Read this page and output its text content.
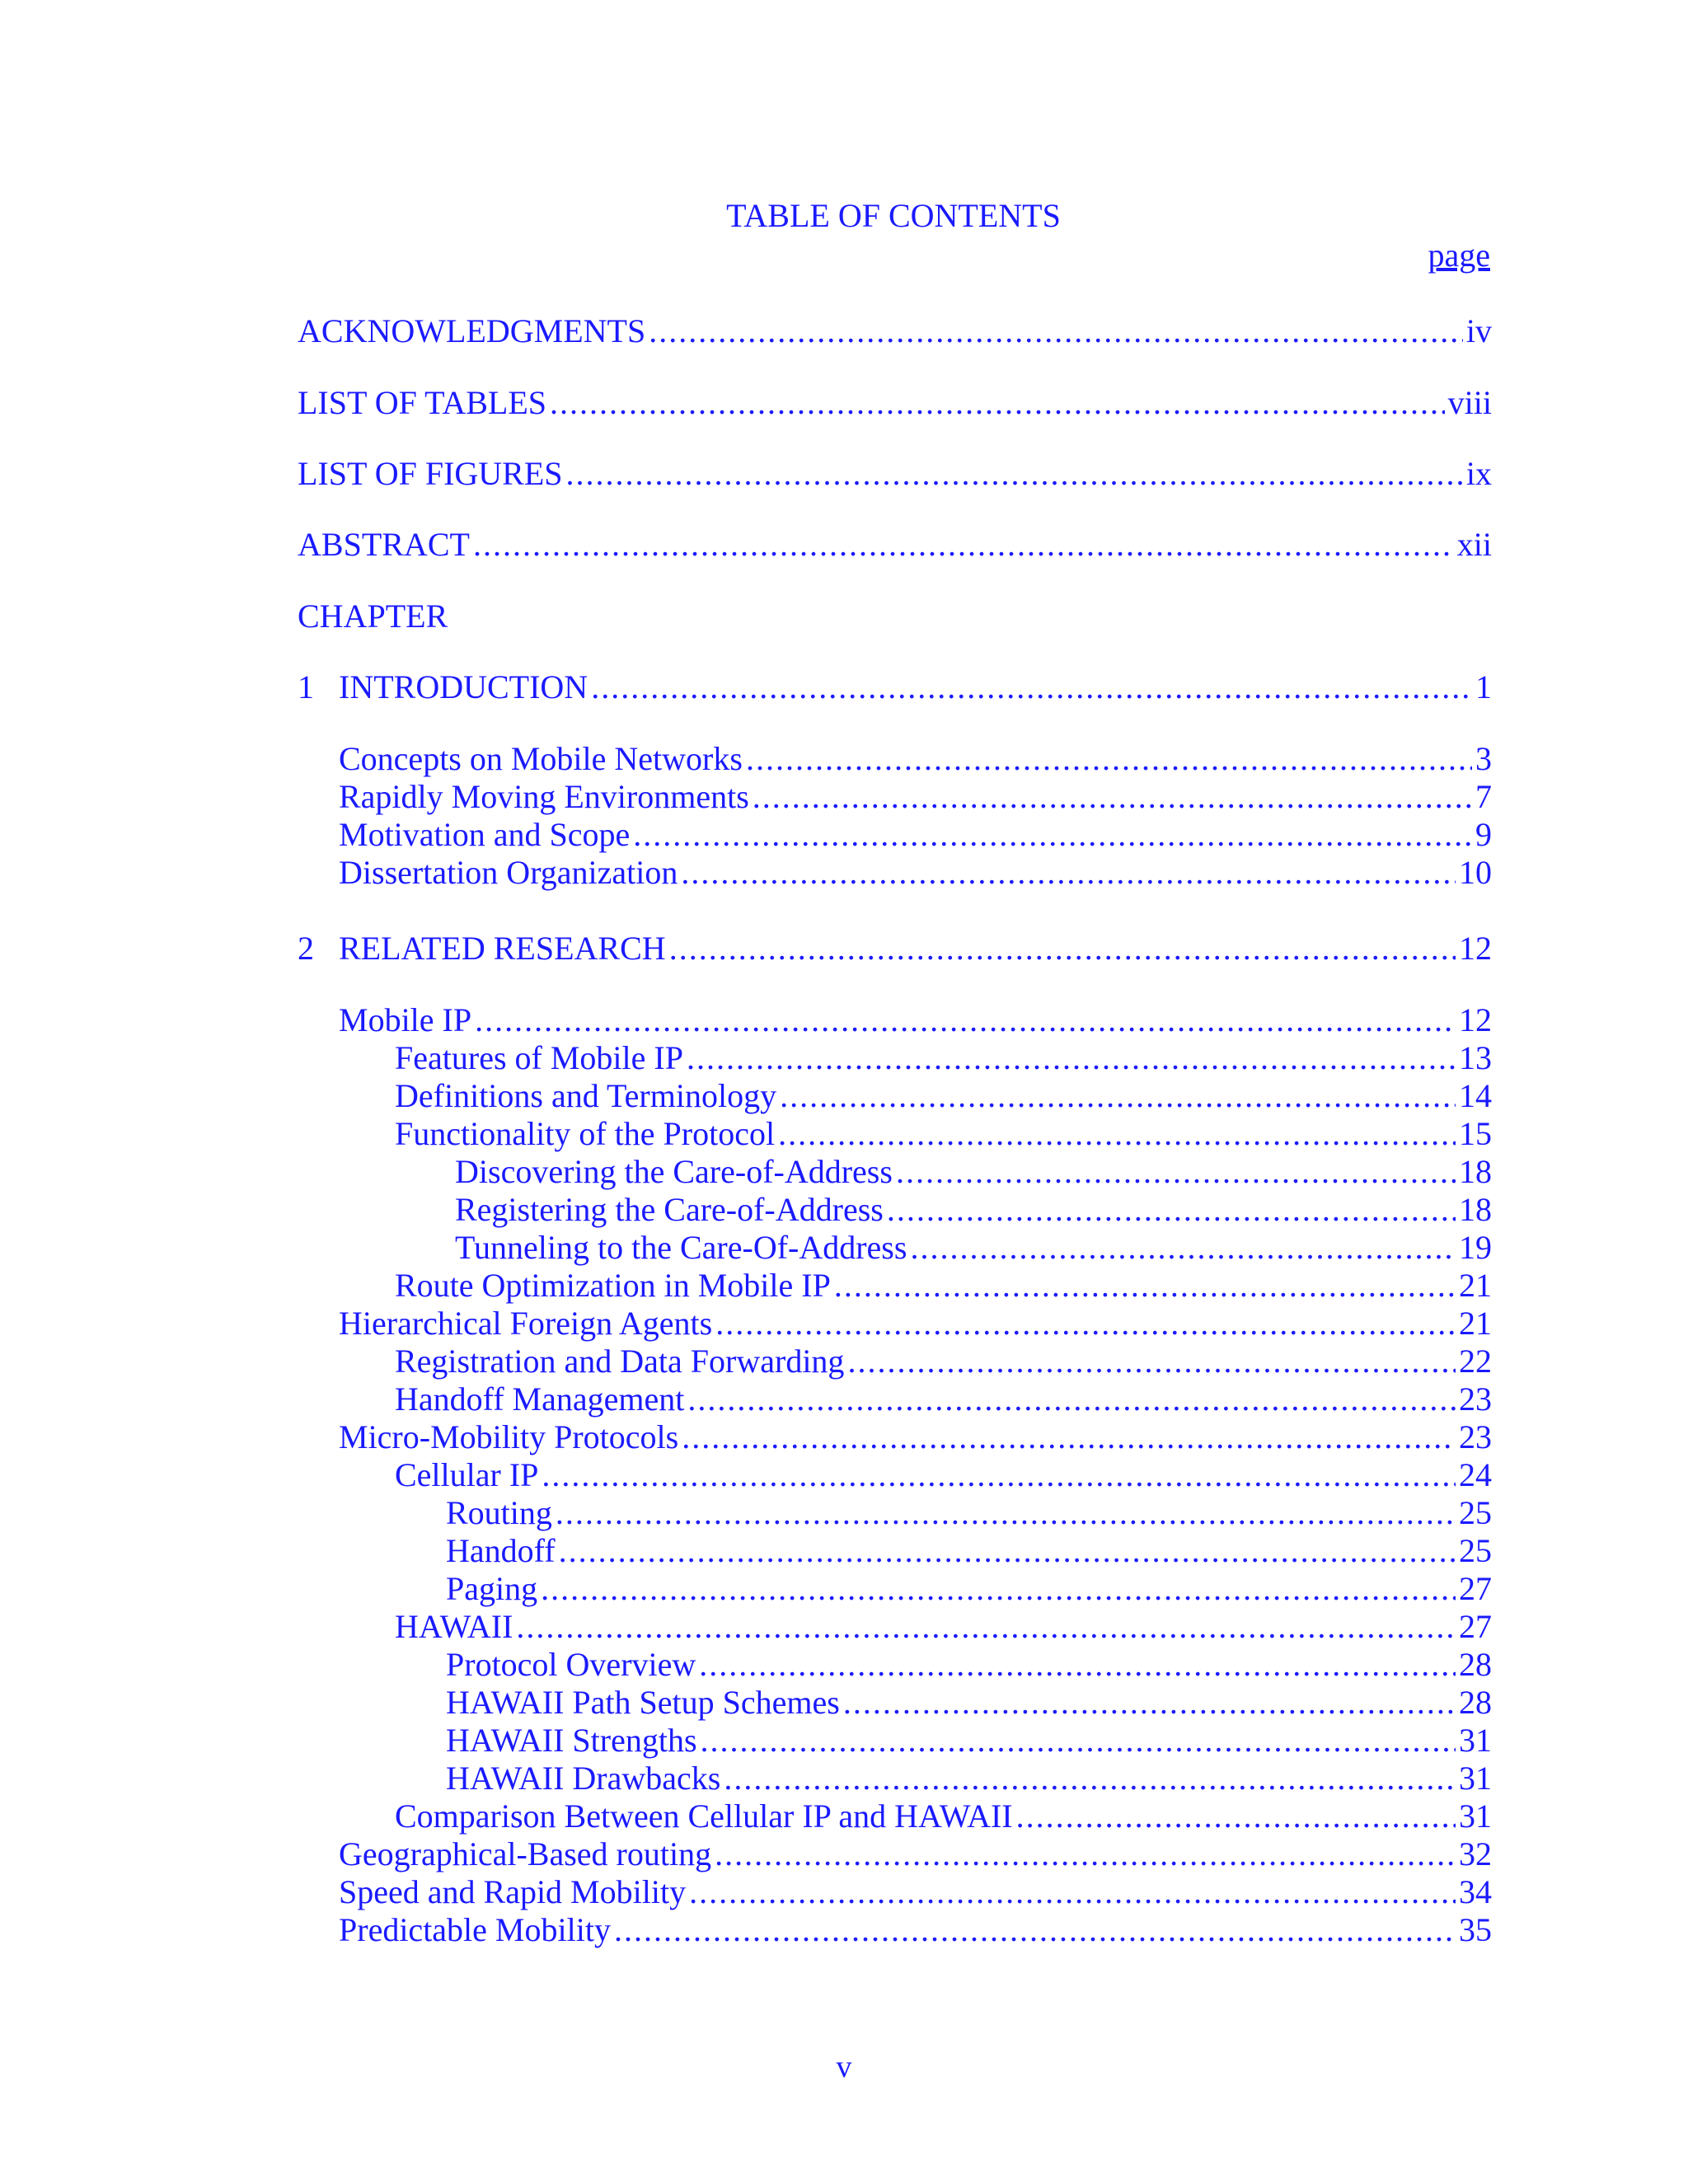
TABLE OF CONTENTS
page
ACKNOWLEDGMENTS .....	iv
LIST OF TABLES .....	viii
LIST OF FIGURES .....	ix
ABSTRACT .....	xii
CHAPTER
1 INTRODUCTION .....	1
Concepts on Mobile Networks .....	3
Rapidly Moving Environments .....	7
Motivation and Scope .....	9
Dissertation Organization .....	10
2 RELATED RESEARCH .....	12
Mobile IP .....	12
Features of Mobile IP .....	13
Definitions and Terminology .....	14
Functionality of the Protocol .....	15
Discovering the Care-of-Address .....	18
Registering the Care-of-Address .....	18
Tunneling to the Care-Of-Address .....	19
Route Optimization in Mobile IP .....	21
Hierarchical Foreign Agents .....	21
Registration and Data Forwarding .....	22
Handoff Management .....	23
Micro-Mobility Protocols .....	23
Cellular IP .....	24
Routing .....	25
Handoff .....	25
Paging .....	27
HAWAII .....	27
Protocol Overview .....	28
HAWAII Path Setup Schemes .....	28
HAWAII Strengths .....	31
HAWAII Drawbacks .....	31
Comparison Between Cellular IP and HAWAII .....	31
Geographical-Based routing .....	32
Speed and Rapid Mobility .....	34
Predictable Mobility .....	35
v
